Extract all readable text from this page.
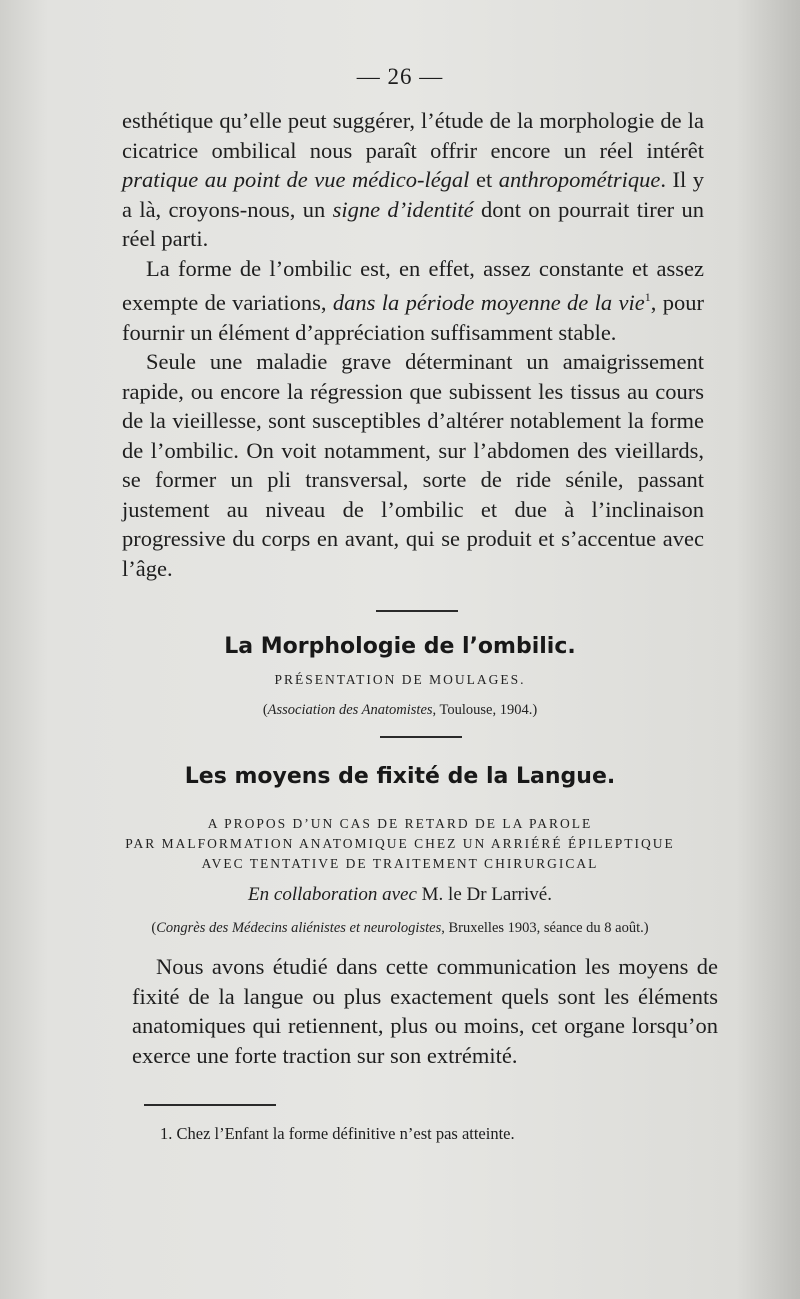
— 26 —

esthétique qu’elle peut suggérer, l’étude de la morphologie de la cicatrice ombilical nous paraît offrir encore un réel intérêt pratique au point de vue médico-légal et anthropométrique. Il y a là, croyons-nous, un signe d’identité dont on pourrait tirer un réel parti.

La forme de l’ombilic est, en effet, assez constante et assez exempte de variations, dans la période moyenne de la vie$^1$, pour fournir un élément d’appréciation suffisamment stable.

Seule une maladie grave déterminant un amaigrissement rapide, ou encore la régression que subissent les tissus au cours de la vieillesse, sont susceptibles d’altérer notablement la forme de l’ombilic. On voit notamment, sur l’abdomen des vieillards, se former un pli transversal, sorte de ride sénile, passant justement au niveau de l’ombilic et due à l’inclinaison progressive du corps en avant, qui se produit et s’accentue avec l’âge.

La Morphologie de l’ombilic.
PRÉSENTATION DE MOULAGES.
(Association des Anatomistes, Toulouse, 1904.)
Les moyens de fixité de la Langue.
A PROPOS D’UN CAS DE RETARD DE LA PAROLE
PAR MALFORMATION ANATOMIQUE CHEZ UN ARRIÉRÉ ÉPILEPTIQUE
AVEC TENTATIVE DE TRAITEMENT CHIRURGICAL
En collaboration avec M. le Dr Larrivé.
(Congrès des Médecins aliénistes et neurologistes, Bruxelles 1903, séance du 8 août.)

Nous avons étudié dans cette communication les moyens de fixité de la langue ou plus exactement quels sont les éléments anatomiques qui retiennent, plus ou moins, cet organe lorsqu’on exerce une forte traction sur son extrémité.

1. Chez l’Enfant la forme définitive n’est pas atteinte.
